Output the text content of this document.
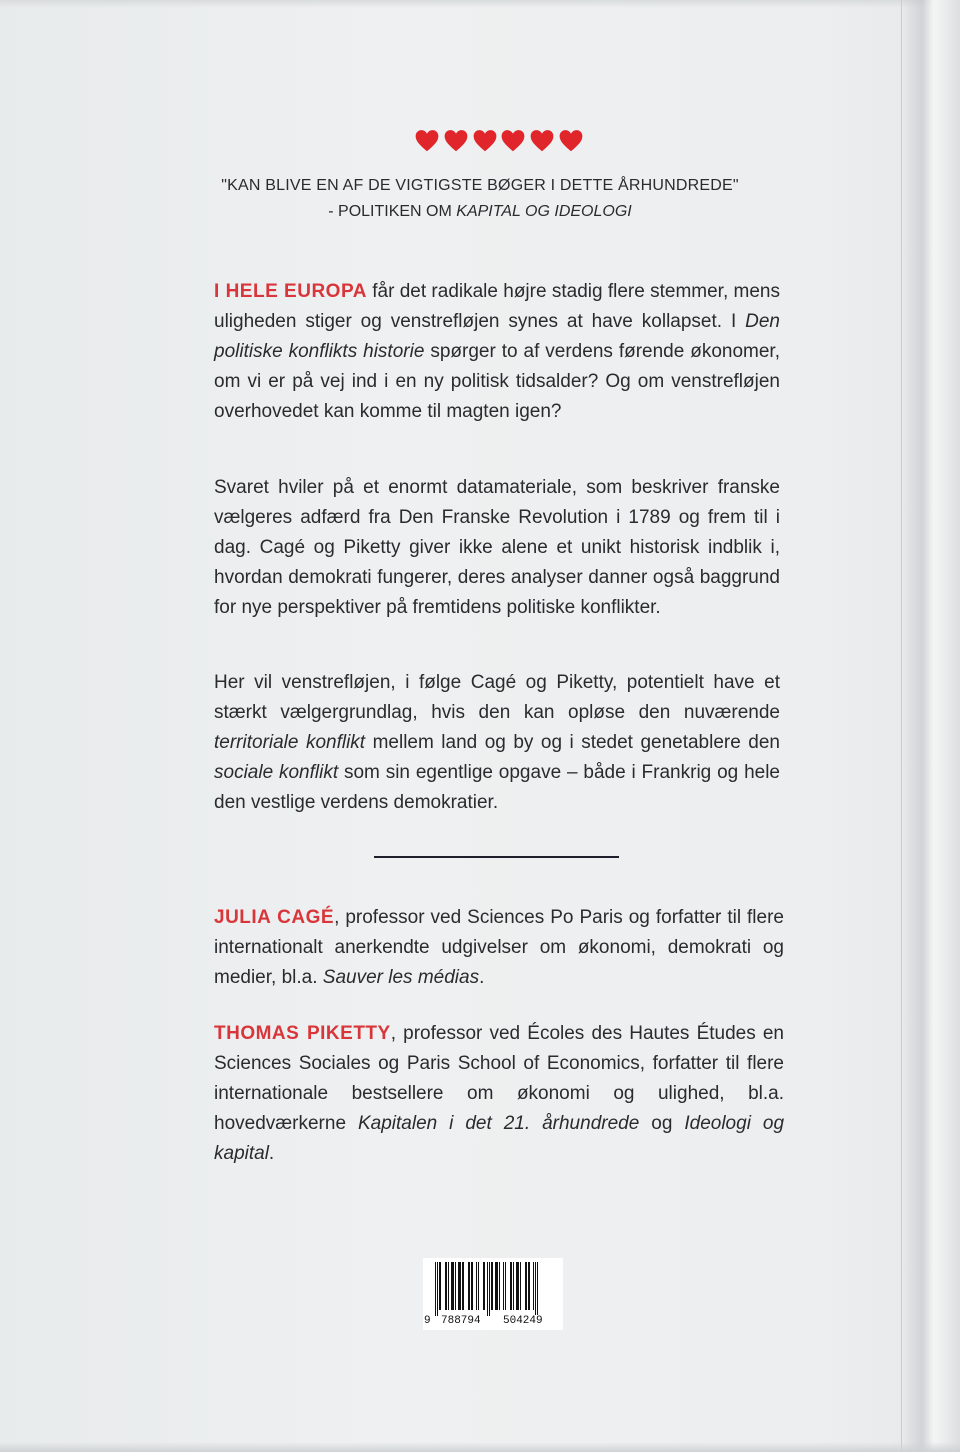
"KAN BLIVE EN AF DE VIGTIGSTE BØGER I DETTE ÅRHUNDREDE"
- POLITIKEN OM KAPITAL OG IDEOLOGI
I HELE EUROPA får det radikale højre stadig flere stemmer, mens uligheden stiger og venstrefløjen synes at have kollapset. I Den politiske konflikts historie spørger to af verdens førende økonomer, om vi er på vej ind i en ny politisk tidsalder? Og om venstrefløjen overhovedet kan komme til magten igen?
Svaret hviler på et enormt datamateriale, som beskriver franske vælgeres adfærd fra Den Franske Revolution i 1789 og frem til i dag. Cagé og Piketty giver ikke alene et unikt historisk indblik i, hvordan demokrati fungerer, deres analyser danner også baggrund for nye perspektiver på fremtidens politiske konflikter.
Her vil venstrefløjen, i følge Cagé og Piketty, potentielt have et stærkt vælgergrundlag, hvis den kan opløse den nuværende territoriale konflikt mellem land og by og i stedet genetablere den sociale konflikt som sin egentlige opgave – både i Frankrig og hele den vestlige verdens demokratier.
JULIA CAGÉ, professor ved Sciences Po Paris og forfatter til flere internationalt anerkendte udgivelser om økonomi, demokrati og medier, bl.a. Sauver les médias.
THOMAS PIKETTY, professor ved Écoles des Hautes Études en Sciences Sociales og Paris School of Economics, forfatter til flere internationale bestsellere om økonomi og ulighed, bl.a. hovedværkerne Kapitalen i det 21. århundrede og Ideologi og kapital.
9 788794 504249
